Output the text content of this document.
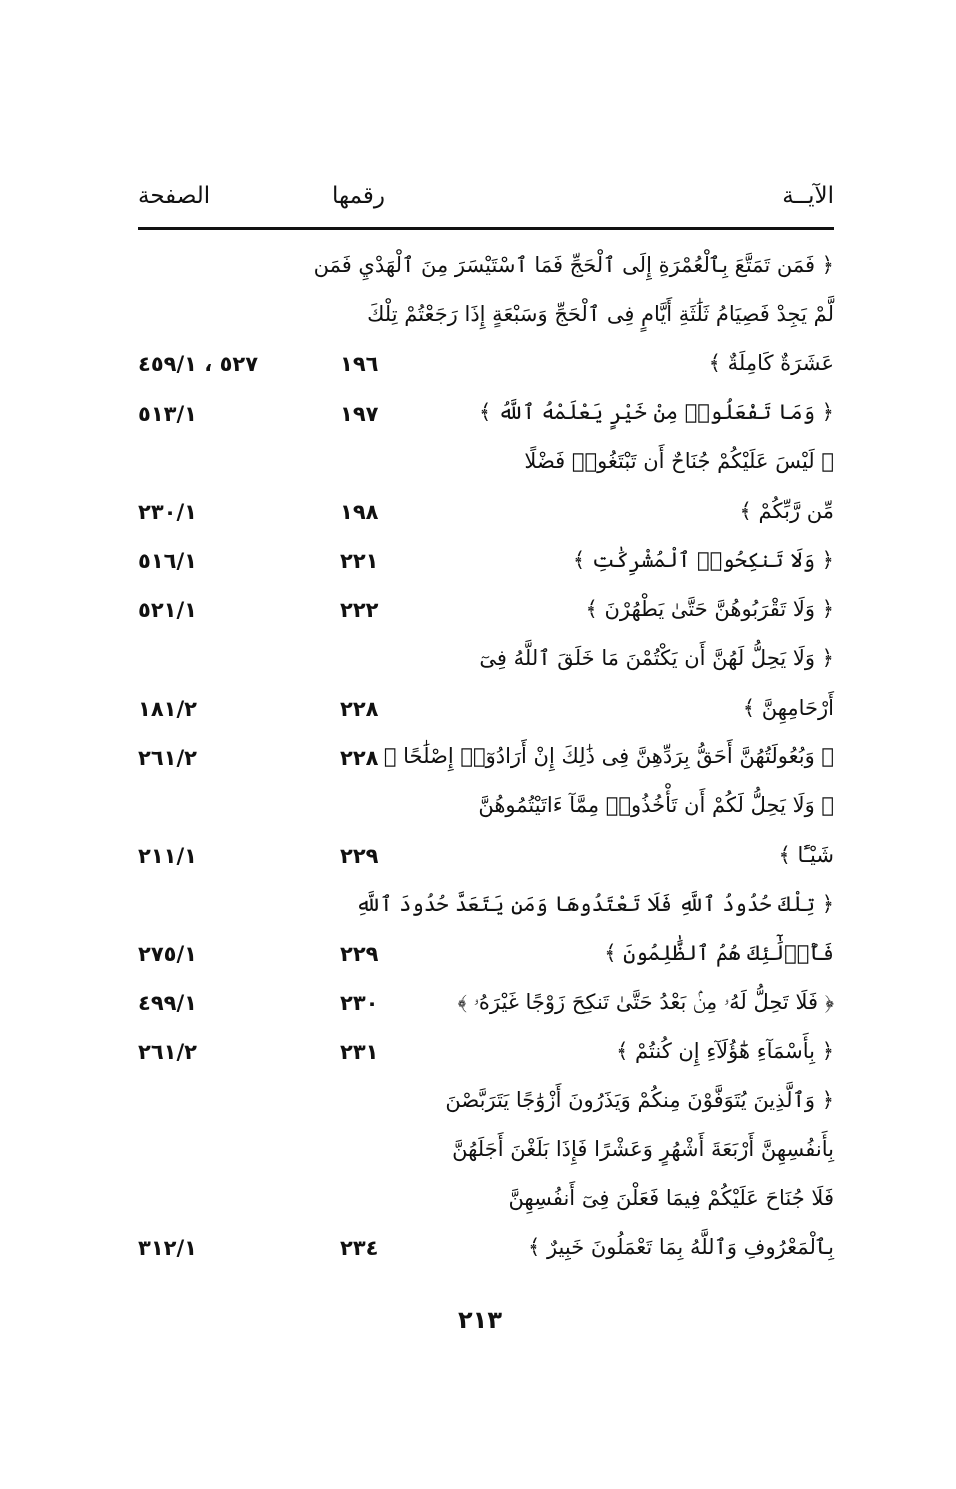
الآيــة
رقمها
الصفحة
﴿ فَمَن تَمَتَّعَ بِٱلْعُمْرَةِ إِلَى ٱلْحَجِّ فَمَا ٱسْتَيْسَرَ مِنَ ٱلْهَدْيِ فَمَن
لَّمْ يَجِدْ فَصِيَامُ ثَلَٰثَةِ أَيَّامٍ فِى ٱلْحَجِّ وَسَبْعَةٍ إِذَا رَجَعْتُمْ تِلْكَ
عَشَرَةٌ كَامِلَةٌ ﴾
١٩٦
٥٢٧ ، ٤٥٩/١
﴿ وَمَا تَفْعَلُوا۟ مِنْ خَيْرٍ يَعْلَمْهُ ٱللَّهُ ﴾
١٩٧
٥١٣/١
﴿ لَيْسَ عَلَيْكُمْ جُنَاحٌ أَن تَبْتَغُوا۟ فَضْلًا
مِّن رَّبِّكُمْ ﴾
١٩٨
٢٣٠/١
﴿ وَلَا تَنكِحُوا۟ ٱلْمُشْرِكَٰتِ ﴾
٢٢١
٥١٦/١
﴿ وَلَا تَقْرَبُوهُنَّ حَتَّىٰ يَطْهُرْنَ ﴾
٢٢٢
٥٢١/١
﴿ وَلَا يَحِلُّ لَهُنَّ أَن يَكْتُمْنَ مَا خَلَقَ ٱللَّهُ فِىٓ
أَرْحَامِهِنَّ ﴾
٢٢٨
١٨١/٢
﴿ وَبُعُولَتُهُنَّ أَحَقُّ بِرَدِّهِنَّ فِى ذَٰلِكَ إِنْ أَرَادُوٓا۟ إِصْلَٰحًا ﴾
٢٢٨
٢٦١/٢
﴿ وَلَا يَحِلُّ لَكُمْ أَن تَأْخُذُوا۟ مِمَّآ ءَاتَيْتُمُوهُنَّ
شَيْـًٔا ﴾
٢٢٩
٢١١/١
﴿ تِلْكَ حُدُودُ ٱللَّهِ فَلَا تَعْتَدُوهَا وَمَن يَتَعَدَّ حُدُودَ ٱللَّهِ
فَأُو۟لَٰٓئِكَ هُمُ ٱلظَّٰلِمُونَ ﴾
٢٢٩
٢٧٥/١
﴿ فَلَا تَحِلُّ لَهُۥ مِنۢ بَعْدُ حَتَّىٰ تَنكِحَ زَوْجًا غَيْرَهُۥ ﴾
٢٣٠
٤٩٩/١
﴿ بِأَسْمَآءِ هَٰٓؤُلَآءِ إِن كُنتُمْ ﴾
٢٣١
٢٦١/٢
﴿ وَٱلَّذِينَ يُتَوَفَّوْنَ مِنكُمْ وَيَذَرُونَ أَزْوَٰجًا يَتَرَبَّصْنَ
بِأَنفُسِهِنَّ أَرْبَعَةَ أَشْهُرٍ وَعَشْرًا فَإِذَا بَلَغْنَ أَجَلَهُنَّ
فَلَا جُنَاحَ عَلَيْكُمْ فِيمَا فَعَلْنَ فِىٓ أَنفُسِهِنَّ
بِٱلْمَعْرُوفِ وَٱللَّهُ بِمَا تَعْمَلُونَ خَبِيرٌ ﴾
٢٣٤
٣١٢/١
٢١٣
